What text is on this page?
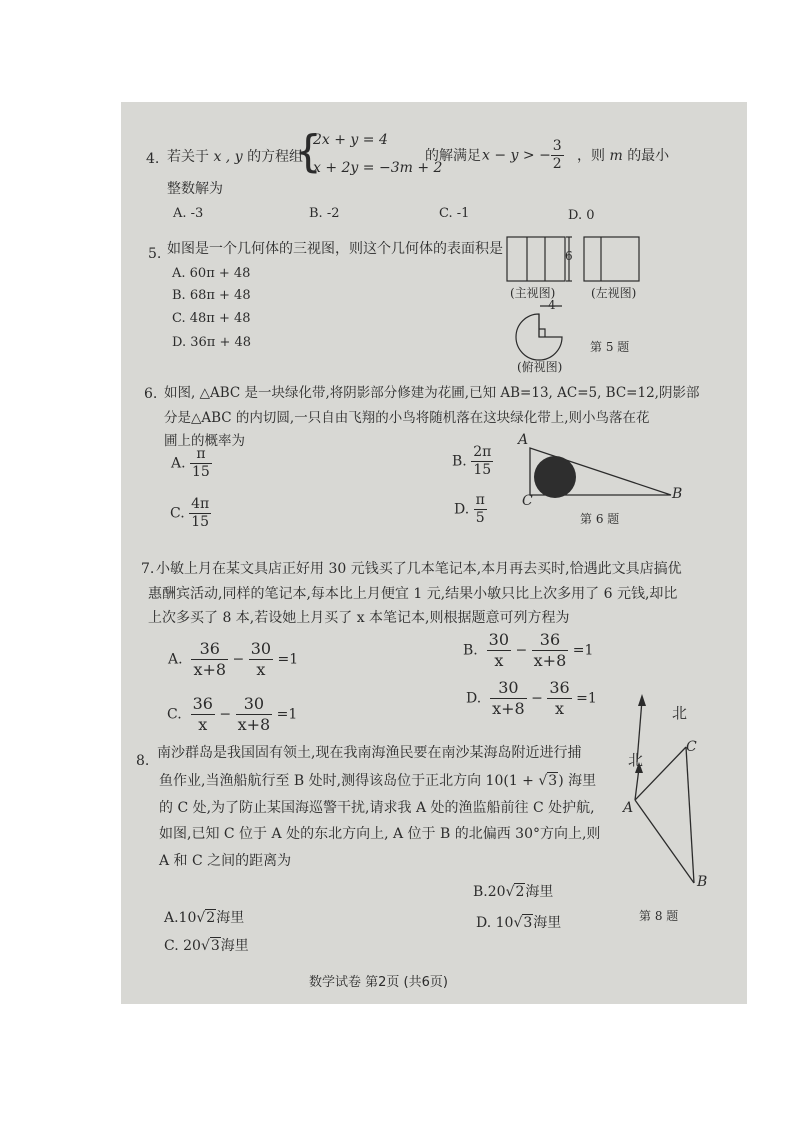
4. 若关于 x , y 的方程组
{
2x + y = 4
x + 2y = −3m + 2
的解满足 x − y > − $\frac{3}{2}$ ，则 m 的最小
整数解为
A. -3	B. -2	C. -1	D. 0
5. 如图是一个几何体的三视图，则这个几何体的表面积是
A. 60π + 48
B. 68π + 48
C. 48π + 48
D. 36π + 48
6
4
(主视图)	(左视图)
(俯视图)
第 5 题
6. 如图, △ABC 是一块绿化带,将阴影部分修建为花圃,已知 AB=13, AC=5, BC=12,阴影部
分是△ABC 的内切圆,一只自由飞翔的小鸟将随机落在这块绿化带上,则小鸟落在花
圃上的概率为
A. $\frac{\pi}{15}$	B. $\frac{2\pi}{15}$
C. $\frac{4\pi}{15}$	D. $\frac{\pi}{5}$
A
C	B
第 6 题
7. 小敏上月在某文具店正好用 30 元钱买了几本笔记本,本月再去买时,恰遇此文具店搞优
惠酬宾活动,同样的笔记本,每本比上月便宜 1 元,结果小敏只比上次多用了 6 元钱,却比
上次多买了 8 本,若设她上月买了 x 本笔记本,则根据题意可列方程为
A. $\frac{36}{x+8} - \frac{30}{x} =1$
B. $\frac{30}{x} - \frac{36}{x+8} =1$
C. $\frac{36}{x} - \frac{30}{x+8} =1$
D. $\frac{30}{x+8} - \frac{36}{x} =1$
8. 南沙群岛是我国固有领土,现在我南海渔民要在南沙某海岛附近进行捕
鱼作业,当渔船航行至 B 处时,测得该岛位于正北方向 10(1 + √3) 海里
的 C 处,为了防止某国海巡警干扰,请求我 A 处的渔监船前往 C 处护航,
如图,已知 C 位于 A 处的东北方向上, A 位于 B 的北偏西 30°方向上,则
A 和 C 之间的距离为
B.20√2海里
A.10√2海里	D. 10√3海里
C. 20√3海里
北
北
C
A
B
第 8 题
数学试卷 第2页 (共6页)
